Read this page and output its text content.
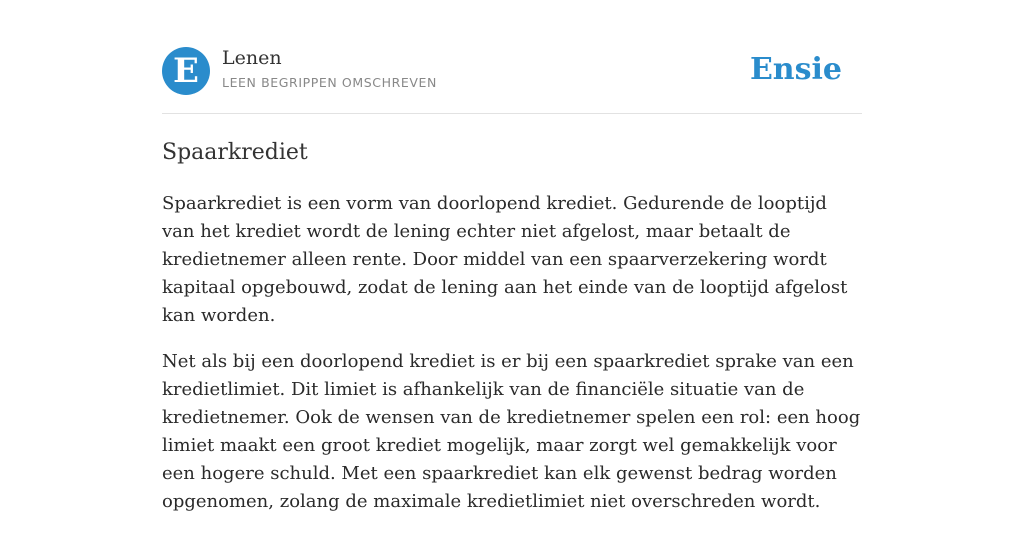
E	Lenen
LEEN BEGRIPPEN OMSCHREVEN	Ensie
Spaarkrediet

Spaarkrediet is een vorm van doorlopend krediet. Gedurende de looptijd van het krediet wordt de lening echter niet afgelost, maar betaalt de kredietnemer alleen rente. Door middel van een spaarverzekering wordt kapitaal opgebouwd, zodat de lening aan het einde van de looptijd afgelost kan worden.

Net als bij een doorlopend krediet is er bij een spaarkrediet sprake van een kredietlimiet. Dit limiet is afhankelijk van de financiële situatie van de kredietnemer. Ook de wensen van de kredietnemer spelen een rol: een hoog limiet maakt een groot krediet mogelijk, maar zorgt wel gemakkelijk voor een hogere schuld. Met een spaarkrediet kan elk gewenst bedrag worden opgenomen, zolang de maximale kredietlimiet niet overschreden wordt.
